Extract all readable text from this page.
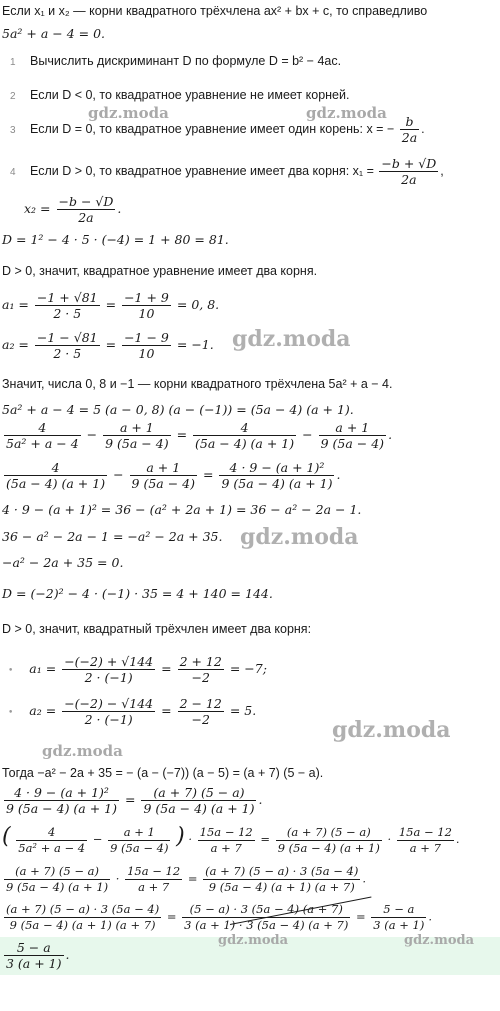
Если x₁ и x₂ — корни квадратного трёхчлена ax² + bx + c, то справедливо
5a² + a − 4 = 0.
1 Вычислить дискриминант D по формуле D = b² − 4ac.
2 Если D < 0, то квадратное уравнение не имеет корней.
3 Если D = 0, то квадратное уравнение имеет один корень: x = − $\frac{b}{2a}$ .
4 Если D > 0, то квадратное уравнение имеет два корня: $x_1 = \frac{-b + √D}{2a}$ ,
$x_2 = \frac{-b - √D}{2a}$ .
D = 1² − 4 · 5 · (−4) = 1 + 80 = 81.
D > 0, значит, квадратное уравнение имеет два корня.
$a_1 = \frac{-1 + √81}{2 \cdot 5} = \frac{-1 + 9}{10} = 0$, 8.
$a_2 = \frac{-1 - √81}{2 \cdot 5} = \frac{-1 - 9}{10} = -1$.
Значит, числа 0, 8 и −1 — корни квадратного трёхчлена 5a² + a − 4.
5a² + a − 4 = 5 (a − 0, 8) (a − (−1)) = (5a − 4) (a + 1).
$\frac{4}{\text{5a² + a − 4}} - \frac{a + 1}{9 (5a - 4)} = \frac{4}{(5a - 4) (a + 1)} - \frac{a + 1}{9 (5a - 4)}$ .
$\frac{4}{(5a - 4) (a + 1)} - \frac{a + 1}{9 (5a - 4)} = \frac{\text{4 · 9 − (a + 1)²}}{9 (5a - 4) (a + 1)}$ .
4 · 9 − (a + 1)² = 36 − (a² + 2a + 1) = 36 − a² − 2a − 1.
36 − a² − 2a − 1 = −a² − 2a + 35.
−a² − 2a + 35 = 0.
D = (−2)² − 4 · (−1) · 35 = 4 + 140 = 144.
D > 0, значит, квадратный трёхчлен имеет два корня:
• $a_1 = \frac{-(-2) + √144}{2 \cdot (-1)} = \frac{2 + 12}{-2} = -7$;
• $a_2 = \frac{-(-2) - √144}{2 \cdot (-1)} = \frac{2 - 12}{-2} = 5$.
Тогда −a² − 2a + 35 = − (a − (−7)) (a − 5) = (a + 7) (5 − a).
$\frac{\text{4 · 9 − (a + 1)²}}{9 (5a - 4) (a + 1)} = \frac{(a + 7) (5 - a)}{9 (5a - 4) (a + 1)}$ .
( $\frac{4}{\text{5a² + a − 4}} - \frac{a + 1}{9 (5a - 4)}$ ) · $\frac{15a - 12}{a + 7} = \frac{(a + 7) (5 - a)}{9 (5a - 4) (a + 1)} \cdot \frac{15a - 12}{a + 7}$ .
$\frac{(a + 7) (5 - a)}{9 (5a - 4) (a + 1)} \cdot \frac{15a - 12}{a + 7} = \frac{(a + 7) (5 - a) \cdot 3 (5a - 4)}{9 (5a - 4) (a + 1) (a + 7)}$ .
$\frac{(a + 7) (5 - a) \cdot 3 (5a - 4)}{9 (5a - 4) (a + 1) (a + 7)} = \frac{(5 - a) \cdot 3 (5a - 4) (a + 7)}{3 (a + 1) \cdot 3 (5a - 4) (a + 7)} = \frac{5 - a}{3 (a + 1)}$ .
$\frac{5 - a}{3 (a + 1)}$ .
gdz.moda	gdz.moda
gdz.moda
gdz.moda
gdz.moda
gdz.moda
gdz.moda	gdz.moda
